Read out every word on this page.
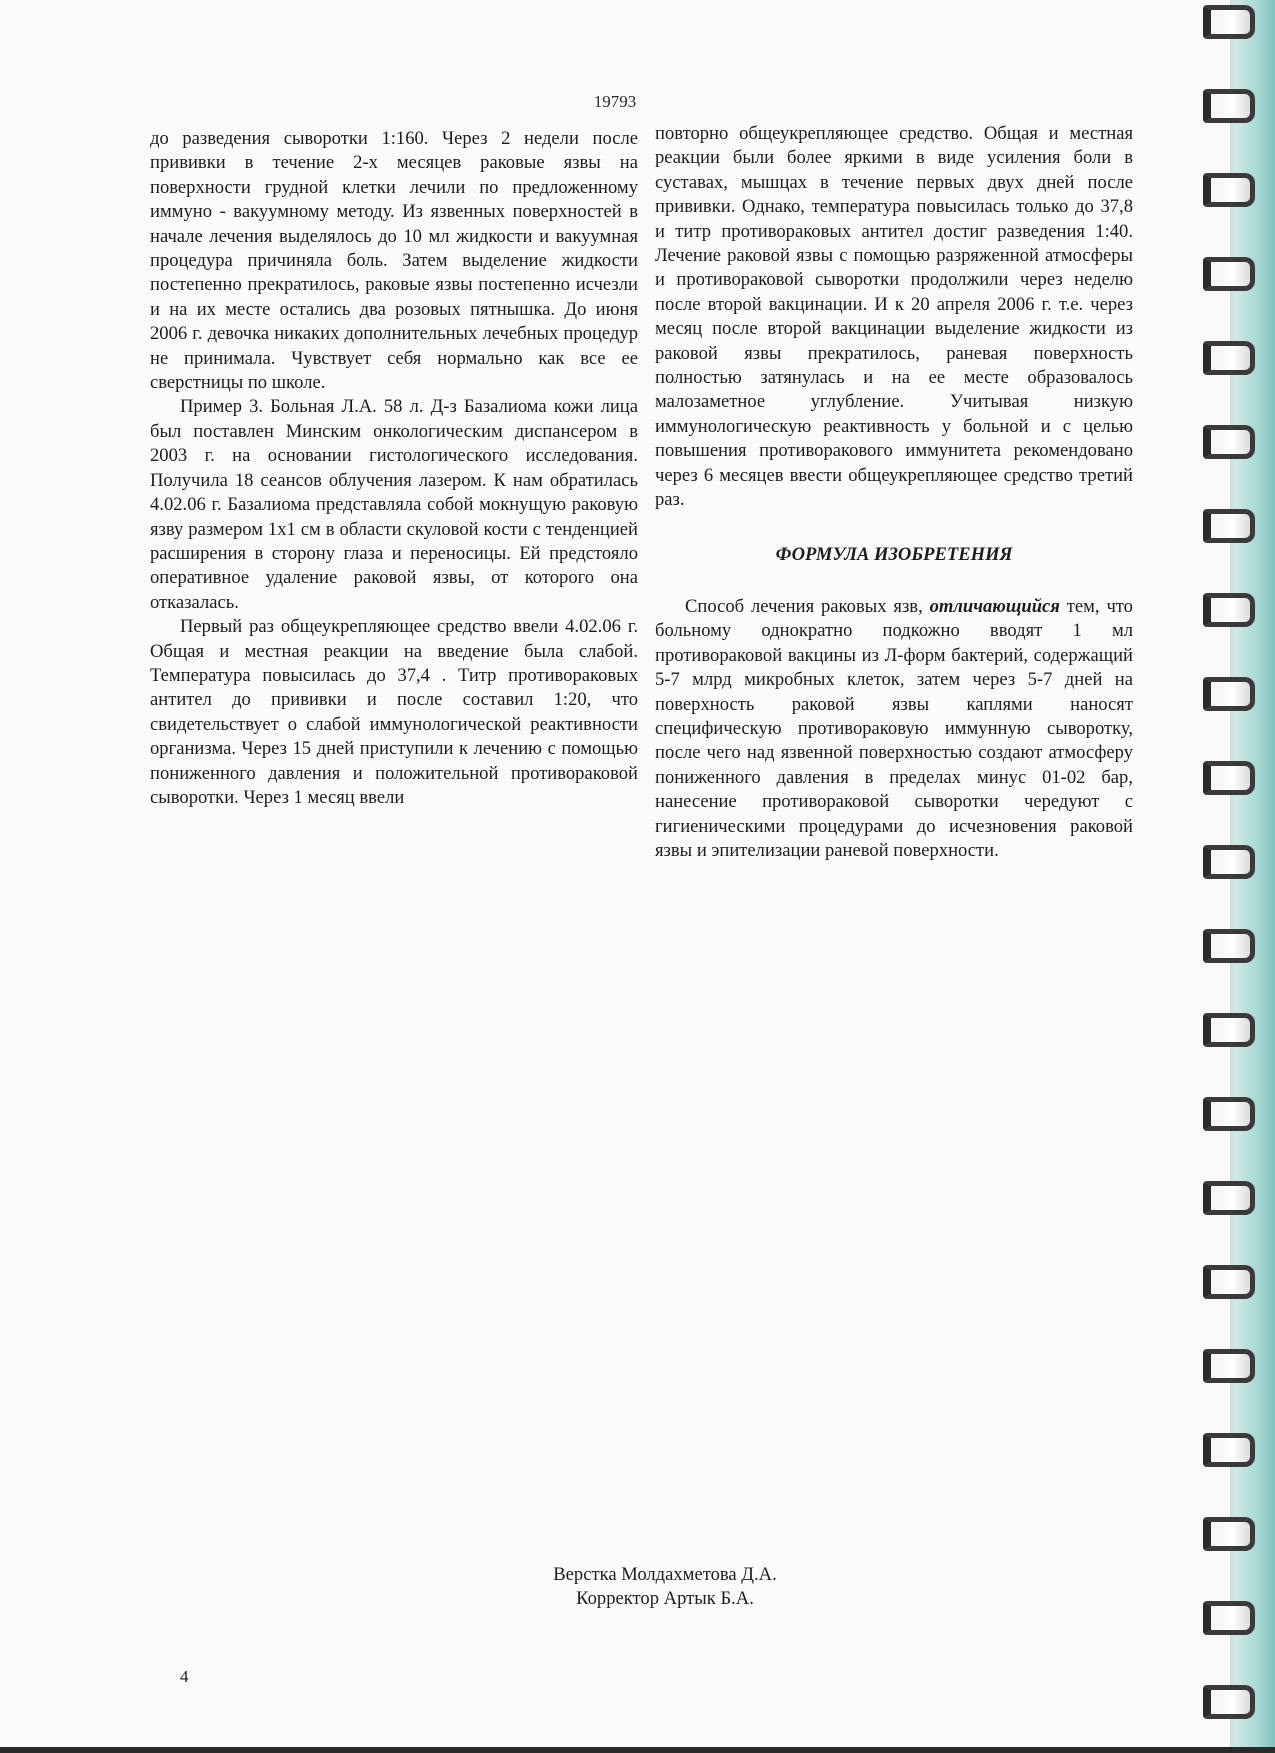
19793

до разведения сыворотки 1:160. Через 2 недели после прививки в течение 2-х месяцев раковые язвы на поверхности грудной клетки лечили по предложенному иммуно - вакуумному методу. Из язвенных поверхностей в начале лечения выделялось до 10 мл жидкости и вакуумная процедура причиняла боль. Затем выделение жидкости постепенно прекратилось, раковые язвы постепенно исчезли и на их месте остались два розовых пятнышка. До июня 2006 г. девочка никаких дополнительных лечебных процедур не принимала. Чувствует себя нормально как все ее сверстницы по школе.

Пример 3. Больная Л.А. 58 л. Д-з Базалиома кожи лица был поставлен Минским онкологическим диспансером в 2003 г. на основании гистологического исследования. Получила 18 сеансов облучения лазером. К нам обратилась 4.02.06 г. Базалиома представляла собой мокнущую раковую язву размером 1х1 см в области скуловой кости с тенденцией расширения в сторону глаза и переносицы. Ей предстояло оперативное удаление раковой язвы, от которого она отказалась.

Первый раз общеукрепляющее средство ввели 4.02.06 г. Общая и местная реакции на введение была слабой. Температура повысилась до 37,4 . Титр противораковых антител до прививки и после составил 1:20, что свидетельствует о слабой иммунологической реактивности организма. Через 15 дней приступили к лечению с помощью пониженного давления и положительной противораковой сыворотки. Через 1 месяц ввели

повторно общеукрепляющее средство. Общая и местная реакции были более яркими в виде усиления боли в суставах, мышцах в течение первых двух дней после прививки. Однако, температура повысилась только до 37,8 и титр противораковых антител достиг разведения 1:40. Лечение раковой язвы с помощью разряженной атмосферы и противораковой сыворотки продолжили через неделю после второй вакцинации. И к 20 апреля 2006 г. т.е. через месяц после второй вакцинации выделение жидкости из раковой язвы прекратилось, раневая поверхность полностью затянулась и на ее месте образовалось малозаметное углубление. Учитывая низкую иммунологическую реактивность у больной и с целью повышения противоракового иммунитета рекомендовано через 6 месяцев ввести общеукрепляющее средство третий раз.

ФОРМУЛА ИЗОБРЕТЕНИЯ

Способ лечения раковых язв, отличающийся тем, что больному однократно подкожно вводят 1 мл противораковой вакцины из Л-форм бактерий, содержащий 5-7 млрд микробных клеток, затем через 5-7 дней на поверхность раковой язвы каплями наносят специфическую противораковую иммунную сыворотку, после чего над язвенной поверхностью создают атмосферу пониженного давления в пределах минус 01-02 бар, нанесение противораковой сыворотки чередуют с гигиеническими процедурами до исчезновения раковой язвы и эпителизации раневой поверхности.

Верстка Молдахметова Д.А.
Корректор Артык Б.А.
4
